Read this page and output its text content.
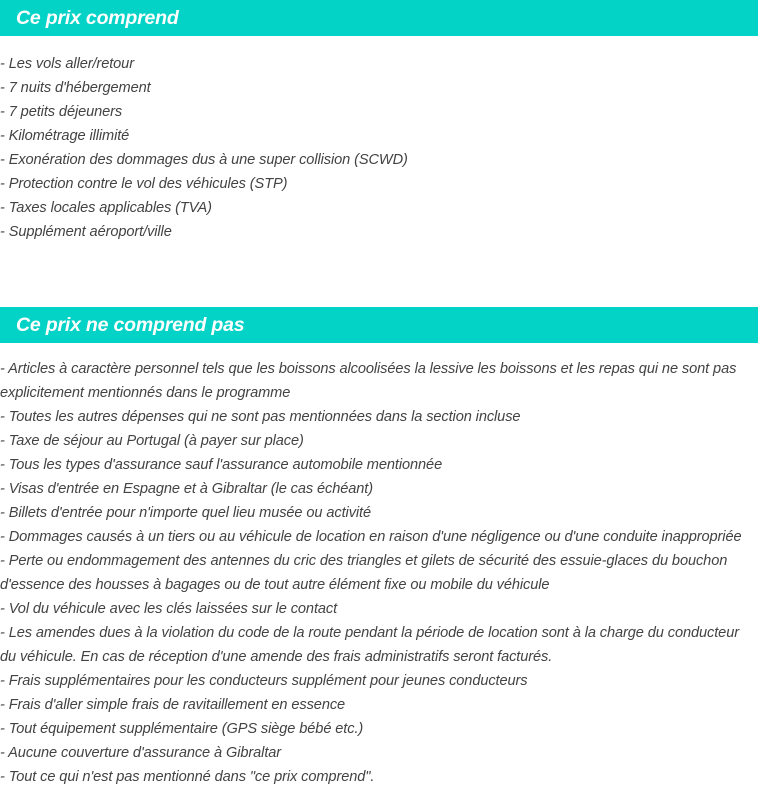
Ce prix comprend
- Les vols aller/retour
- 7 nuits d'hébergement
- 7 petits déjeuners
- Kilométrage illimité
- Exonération des dommages dus à une super collision (SCWD)
- Protection contre le vol des véhicules (STP)
- Taxes locales applicables (TVA)
- Supplément aéroport/ville
Ce prix ne comprend pas
- Articles à caractère personnel tels que les boissons alcoolisées la lessive les boissons et les repas qui ne sont pas explicitement mentionnés dans le programme
- Toutes les autres dépenses qui ne sont pas mentionnées dans la section incluse
- Taxe de séjour au Portugal (à payer sur place)
- Tous les types d'assurance sauf l'assurance automobile mentionnée
- Visas d'entrée en Espagne et à Gibraltar (le cas échéant)
- Billets d'entrée pour n'importe quel lieu musée ou activité
- Dommages causés à un tiers ou au véhicule de location en raison d'une négligence ou d'une conduite inappropriée
- Perte ou endommagement des antennes du cric des triangles et gilets de sécurité des essuie-glaces du bouchon d'essence des housses à bagages ou de tout autre élément fixe ou mobile du véhicule
- Vol du véhicule avec les clés laissées sur le contact
- Les amendes dues à la violation du code de la route pendant la période de location sont à la charge du conducteur du véhicule. En cas de réception d'une amende des frais administratifs seront facturés.
- Frais supplémentaires pour les conducteurs supplément pour jeunes conducteurs
- Frais d'aller simple frais de ravitaillement en essence
- Tout équipement supplémentaire (GPS siège bébé etc.)
- Aucune couverture d'assurance à Gibraltar
- Tout ce qui n'est pas mentionné dans "ce prix comprend".
